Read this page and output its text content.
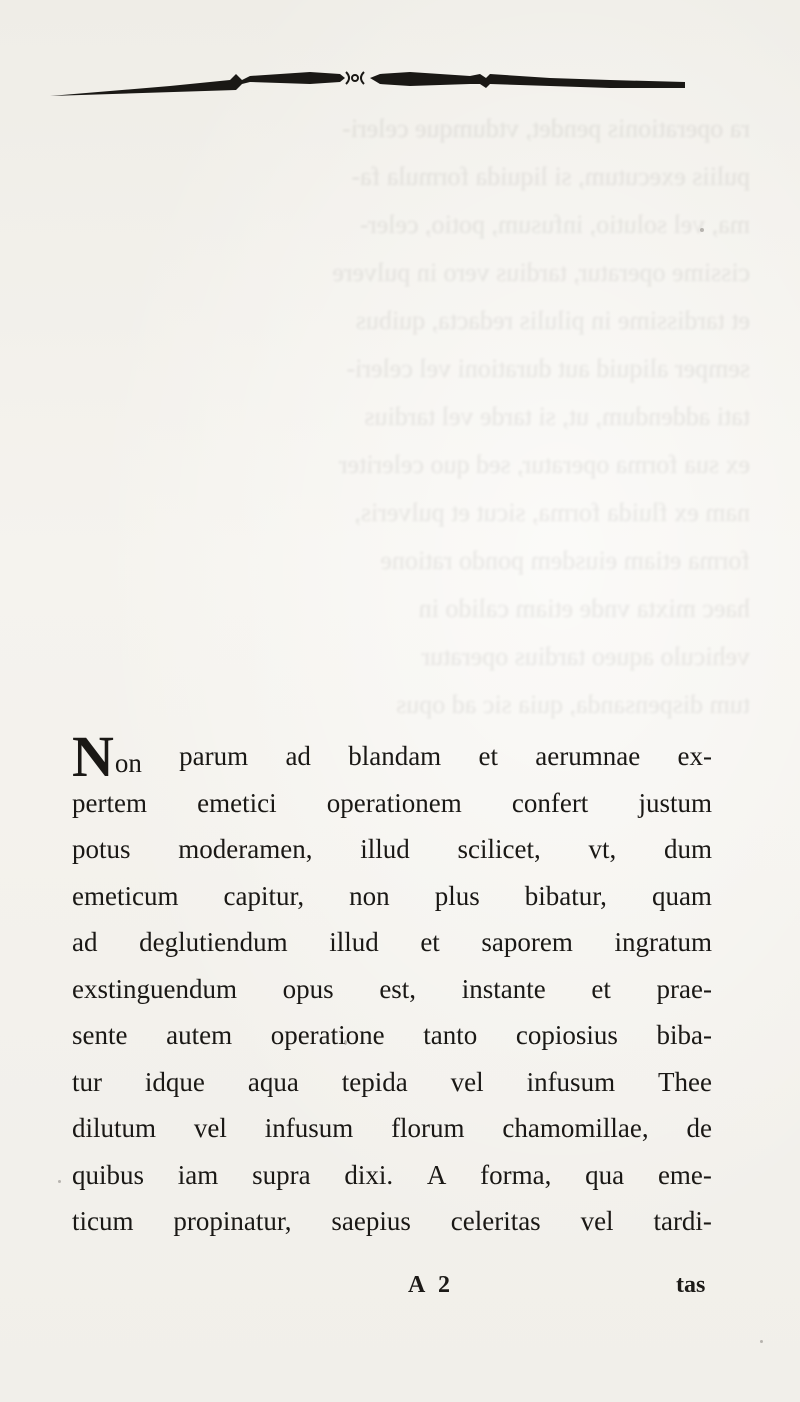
ra operationis pendet, vtdumque celeri-
puliis executum, si liquida formula fa-
ma, vel solutio, infusum, potio, celer-
cissime operatur, tardius vero in pulvere
et tardissime in pilulis redacta, quibus
semper aliquid aut durationi vel celeri-
tati addendum, ut, si tarde vel tardius
ex sua forma operatur, sed quo celeriter
nam ex fluida forma, sicut et pulveris,
forma etiam eiusdem pondo ratione
haec mixta vnde etiam calido in
vehiculo aqueo tardius operatur
tum dispensanda, quia sic ad opus
Non parum ad blandam et aerumnae ex-
pertem emetici operationem confert justum
potus moderamen, illud scilicet, vt, dum
emeticum capitur, non plus bibatur, quam
ad deglutiendum illud et saporem ingratum
exstinguendum opus est, instante et prae-
sente autem operatione tanto copiosius biba-
tur idque aqua tepida vel infusum Thee
dilutum vel infusum florum chamomillae, de
quibus iam supra dixi. A forma, qua eme-
ticum propinatur, saepius celeritas vel tardi-
A 2	tas
